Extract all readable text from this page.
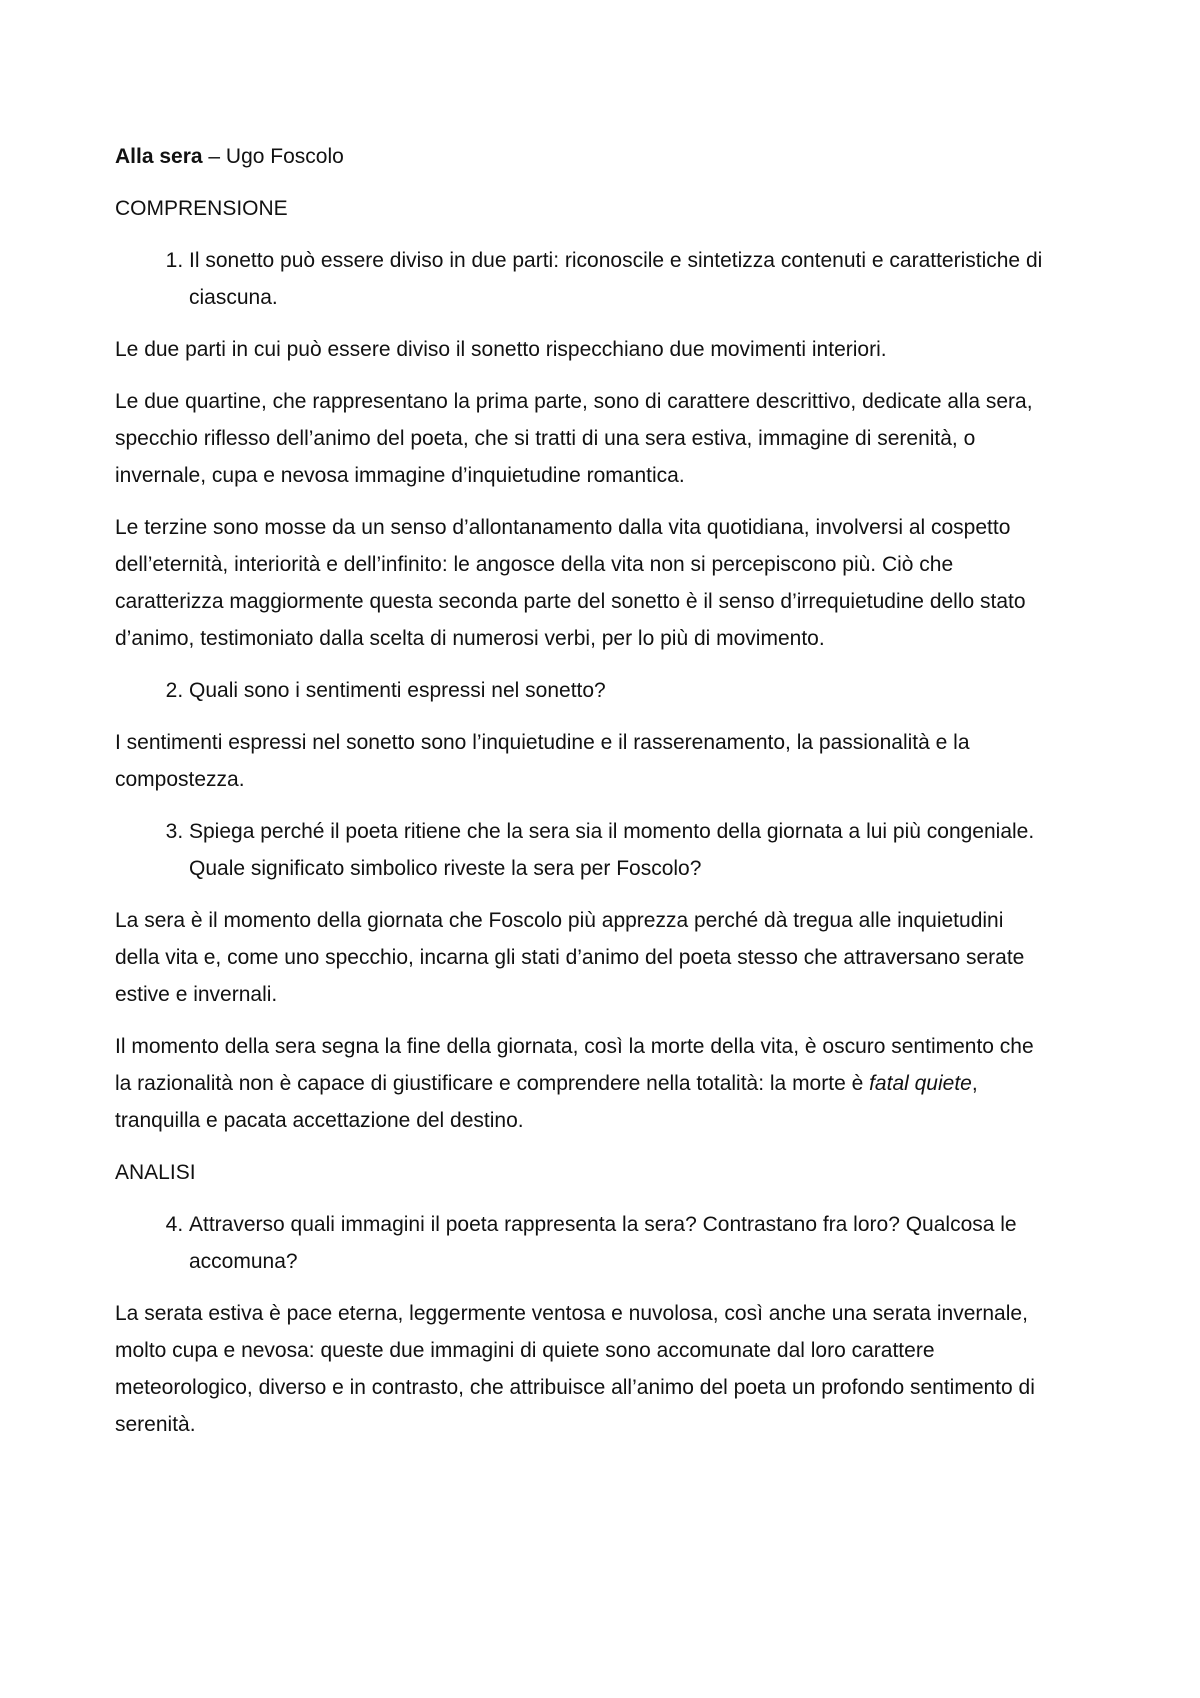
Alla sera – Ugo Foscolo

COMPRENSIONE

1. Il sonetto può essere diviso in due parti: riconoscile e sintetizza contenuti e caratteristiche di ciascuna.

Le due parti in cui può essere diviso il sonetto rispecchiano due movimenti interiori.

Le due quartine, che rappresentano la prima parte, sono di carattere descrittivo, dedicate alla sera, specchio riflesso dell’animo del poeta, che si tratti di una sera estiva, immagine di serenità, o invernale, cupa e nevosa immagine d’inquietudine romantica.

Le terzine sono mosse da un senso d’allontanamento dalla vita quotidiana, involversi al cospetto dell’eternità, interiorità e dell’infinito: le angosce della vita non si percepiscono più. Ciò che caratterizza maggiormente questa seconda parte del sonetto è il senso d’irrequietudine dello stato d’animo, testimoniato dalla scelta di numerosi verbi, per lo più di movimento.

2. Quali sono i sentimenti espressi nel sonetto?

I sentimenti espressi nel sonetto sono l’inquietudine e il rasserenamento, la passionalità e la compostezza.

3. Spiega perché il poeta ritiene che la sera sia il momento della giornata a lui più congeniale. Quale significato simbolico riveste la sera per Foscolo?

La sera è il momento della giornata che Foscolo più apprezza perché dà tregua alle inquietudini della vita e, come uno specchio, incarna gli stati d’animo del poeta stesso che attraversano serate estive e invernali.

Il momento della sera segna la fine della giornata, così la morte della vita, è oscuro sentimento che la razionalità non è capace di giustificare e comprendere nella totalità: la morte è fatal quiete, tranquilla e pacata accettazione del destino.

ANALISI

4. Attraverso quali immagini il poeta rappresenta la sera? Contrastano fra loro? Qualcosa le accomuna?

La serata estiva è pace eterna, leggermente ventosa e nuvolosa, così anche una serata invernale, molto cupa e nevosa: queste due immagini di quiete sono accomunate dal loro carattere meteorologico, diverso e in contrasto, che attribuisce all’animo del poeta un profondo sentimento di serenità.
